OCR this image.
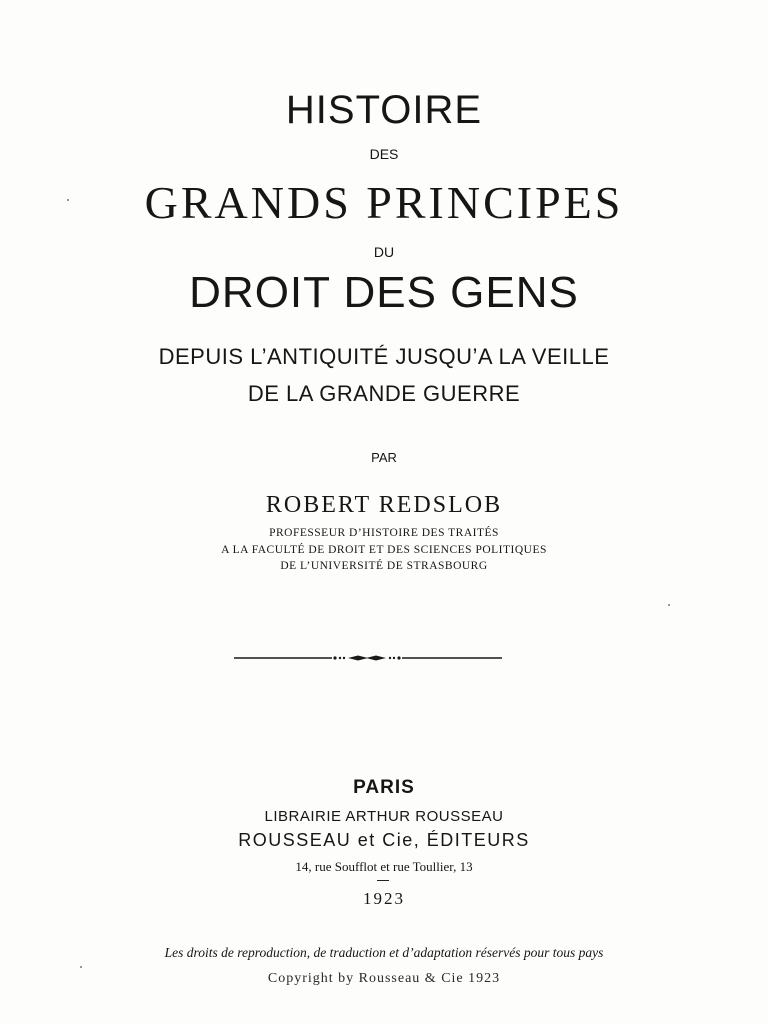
HISTOIRE
DES
GRANDS PRINCIPES
DU
DROIT DES GENS
DEPUIS L’ANTIQUITÉ JUSQU’A LA VEILLE
DE LA GRANDE GUERRE
PAR
ROBERT REDSLOB
PROFESSEUR D’HISTOIRE DES TRAITÉS
A LA FACULTÉ DE DROIT ET DES SCIENCES POLITIQUES
DE L’UNIVERSITÉ DE STRASBOURG
PARIS
LIBRAIRIE ARTHUR ROUSSEAU
ROUSSEAU et Cie, ÉDITEURS
14, rue Soufflot et rue Toullier, 13
1923
Les droits de reproduction, de traduction et d’adaptation réservés pour tous pays
Copyright by Rousseau & Cie 1923
